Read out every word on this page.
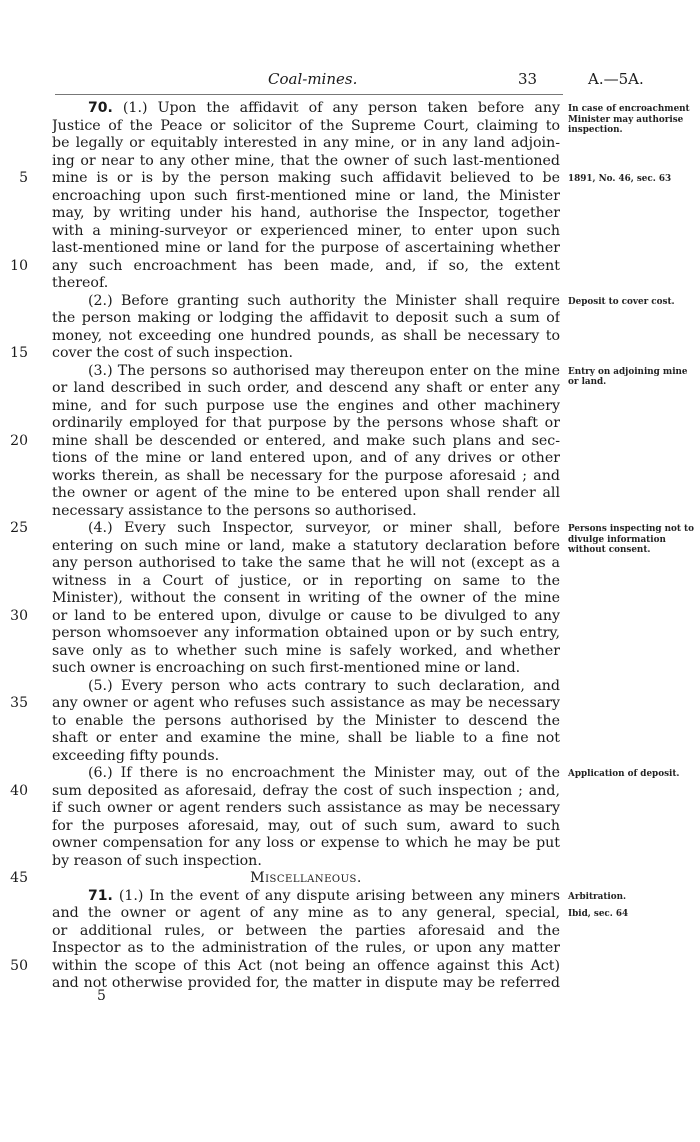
Coal-mines.	33	A.—5A.
70. (1.) Upon the affidavit of any person taken before any
Justice of the Peace or solicitor of the Supreme Court, claiming to
be legally or equitably interested in any mine, or in any land adjoin-
ing or near to any other mine, that the owner of such last-mentioned
5 mine is or is by the person making such affidavit believed to be
encroaching upon such first-mentioned mine or land, the Minister
may, by writing under his hand, authorise the Inspector, together
with a mining-surveyor or experienced miner, to enter upon such
last-mentioned mine or land for the purpose of ascertaining whether
10 any such encroachment has been made, and, if so, the extent
thereof.
(2.) Before granting such authority the Minister shall require
the person making or lodging the affidavit to deposit such a sum of
money, not exceeding one hundred pounds, as shall be necessary to
15 cover the cost of such inspection.
(3.) The persons so authorised may thereupon enter on the mine
or land described in such order, and descend any shaft or enter any
mine, and for such purpose use the engines and other machinery
ordinarily employed for that purpose by the persons whose shaft or
20 mine shall be descended or entered, and make such plans and sec-
tions of the mine or land entered upon, and of any drives or other
works therein, as shall be necessary for the purpose aforesaid ; and
the owner or agent of the mine to be entered upon shall render all
necessary assistance to the persons so authorised.
25	(4.) Every such Inspector, surveyor, or miner shall, before
entering on such mine or land, make a statutory declaration before
any person authorised to take the same that he will not (except as a
witness in a Court of justice, or in reporting on same to the
Minister), without the consent in writing of the owner of the mine
30 or land to be entered upon, divulge or cause to be divulged to any
person whomsoever any information obtained upon or by such entry,
save only as to whether such mine is safely worked, and whether
such owner is encroaching on such first-mentioned mine or land.
(5.) Every person who acts contrary to such declaration, and
35 any owner or agent who refuses such assistance as may be necessary
to enable the persons authorised by the Minister to descend the
shaft or enter and examine the mine, shall be liable to a fine not
exceeding fifty pounds.
(6.) If there is no encroachment the Minister may, out of the
40 sum deposited as aforesaid, defray the cost of such inspection ; and,
if such owner or agent renders such assistance as may be necessary
for the purposes aforesaid, may, out of such sum, award to such
owner compensation for any loss or expense to which he may be put
by reason of such inspection.
45	Miscellaneous.
71. (1.) In the event of any dispute arising between any miners
and the owner or agent of any mine as to any general, special,
or additional rules, or between the parties aforesaid and the
Inspector as to the administration of the rules, or upon any matter
50 within the scope of this Act (not being an offence against this Act)
and not otherwise provided for, the matter in dispute may be referred
5
In case of encroachment Minister may authorise inspection.
1891, No. 46, sec. 63
Deposit to cover cost.
Entry on adjoining mine or land.
Persons inspecting not to divulge information without consent.
Application of deposit.
Arbitration.
Ibid, sec. 64
